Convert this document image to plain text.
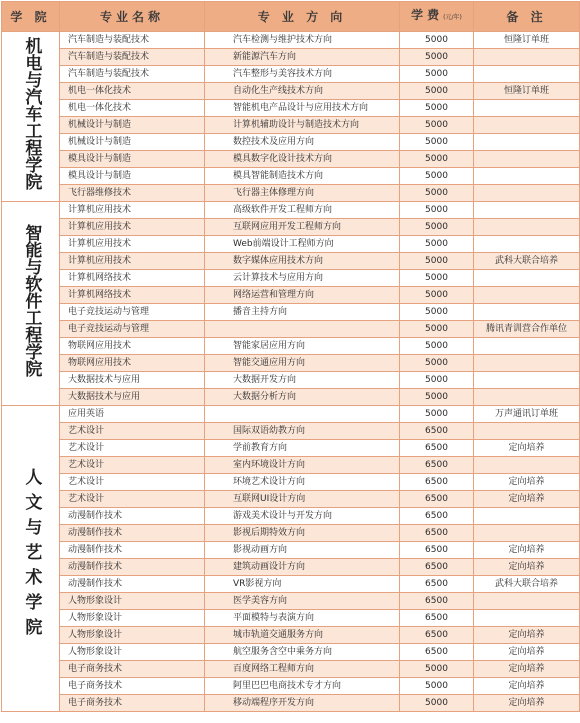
学 院	专业名称	专 业 方 向	学费(元/年)	备 注
机电与汽车工程学院	汽车制造与装配技术	汽车检测与维护技术方向	5000	恒隆订单班
	汽车制造与装配技术	新能源汽车方向	5000	
	汽车制造与装配技术	汽车整形与美容技术方向	5000	
	机电一体化技术	自动化生产线技术方向	5000	恒隆订单班
	机电一体化技术	智能机电产品设计与应用技术方向	5000	
	机械设计与制造	计算机辅助设计与制造技术方向	5000	
	机械设计与制造	数控技术及应用方向	5000	
	模具设计与制造	模具数字化设计技术方向	5000	
	模具设计与制造	模具智能制造技术方向	5000	
	飞行器维修技术	飞行器主体修理方向	5000	
智能与软件工程学院	计算机应用技术	高级软件开发工程师方向	5000	
	计算机应用技术	互联网应用开发工程师方向	5000	
	计算机应用技术	Web前端设计工程师方向	5000	
	计算机应用技术	数字媒体应用技术方向	5000	武科大联合培养
	计算机网络技术	云计算技术与应用方向	5000	
	计算机网络技术	网络运营和管理方向	5000	
	电子竞技运动与管理	播音主持方向	5000	
	电子竞技运动与管理		5000	腾讯青训营合作单位
	物联网应用技术	智能家居应用方向	5000	
	物联网应用技术	智能交通应用方向	5000	
	大数据技术与应用	大数据开发方向	5000	
	大数据技术与应用	大数据分析方向	5000	
人文与艺术学院	应用英语		5000	万声通讯订单班
	艺术设计	国际双语幼教方向	6500	
	艺术设计	学前教育方向	6500	定向培养
	艺术设计	室内环境设计方向	6500	
	艺术设计	环境艺术设计方向	6500	定向培养
	艺术设计	互联网UI设计方向	6500	定向培养
	动漫制作技术	游戏美术设计与开发方向	6500	
	动漫制作技术	影视后期特效方向	6500	
	动漫制作技术	影视动画方向	6500	定向培养
	动漫制作技术	建筑动画设计方向	6500	定向培养
	动漫制作技术	VR影视方向	6500	武科大联合培养
	人物形象设计	医学美容方向	6500	
	人物形象设计	平面模特与表演方向	6500	
	人物形象设计	城市轨道交通服务方向	6500	定向培养
	人物形象设计	航空服务含空中乘务方向	6500	定向培养
	电子商务技术	百度网络工程师方向	5000	定向培养
	电子商务技术	阿里巴巴电商技术专才方向	5000	定向培养
	电子商务技术	移动端程序开发方向	5000	定向培养
